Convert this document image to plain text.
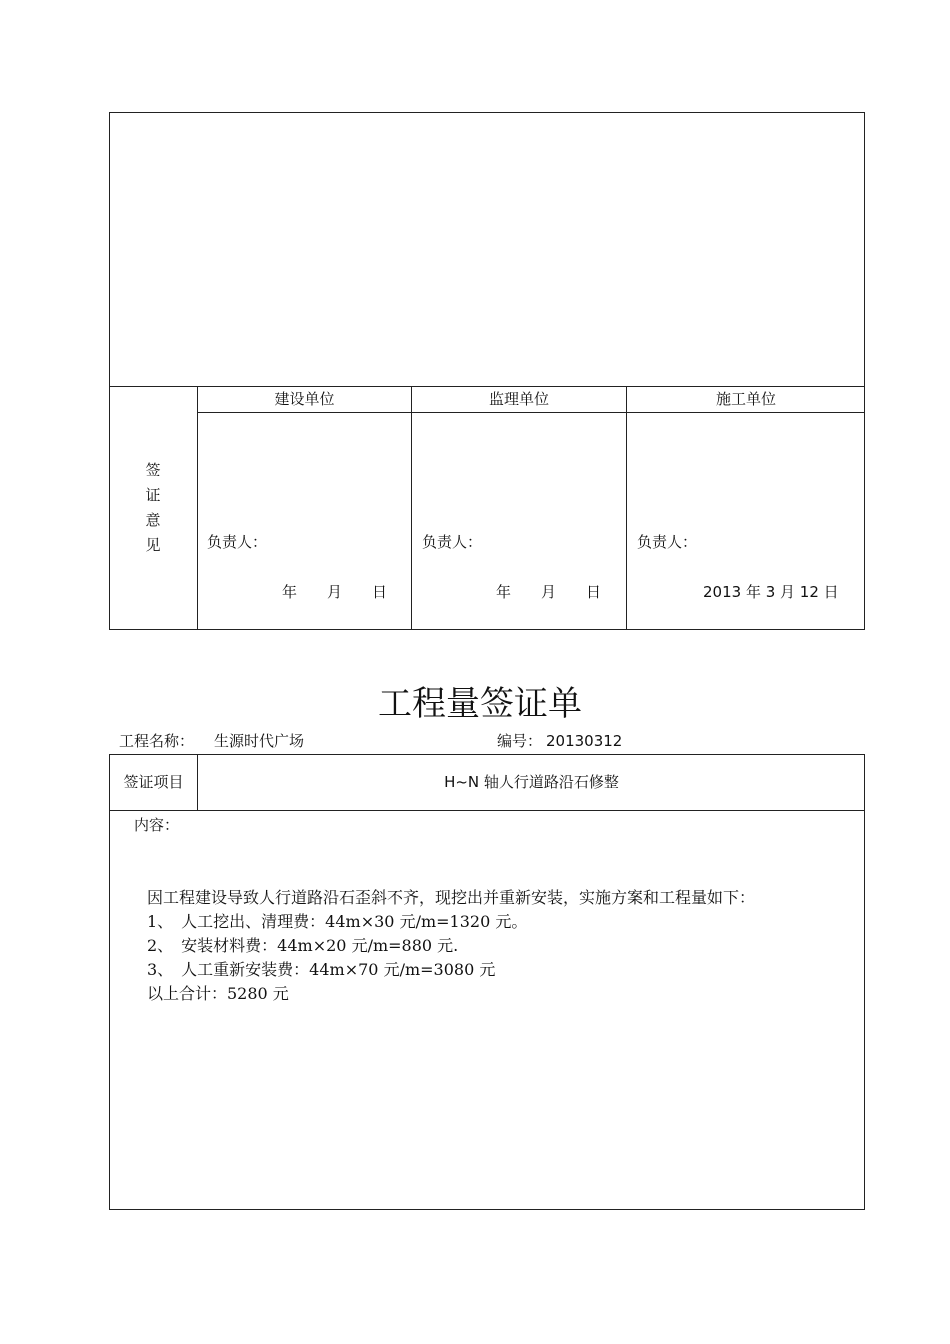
签
证
意
见
建设单位	监理单位	施工单位
负责人：	负责人：	负责人：
年　　月　　日	年　　月　　日	2013 年 3 月 12 日
工程量签证单
工程名称： 生源时代广场	编号： 20130312
签证项目	H~N 轴人行道路沿石修整
内容：
因工程建设导致人行道路沿石歪斜不齐，现挖出并重新安装，实施方案和工程量如下：
1、　人工挖出、清理费：44m×30 元/m=1320 元。
2、　安装材料费：44m×20 元/m=880 元.
3、　人工重新安装费：44m×70 元/m=3080 元
以上合计：5280 元
